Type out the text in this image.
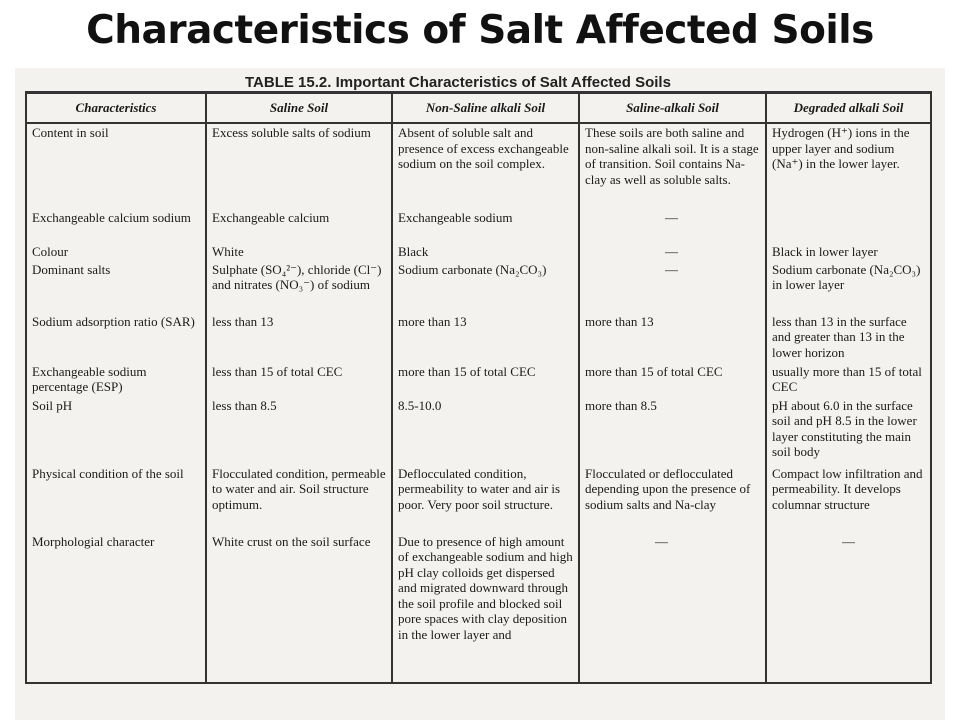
Characteristics of Salt Affected Soils
TABLE 15.2. Important Characteristics of Salt Affected Soils
Characteristics	Saline Soil	Non-Saline alkali Soil	Saline-alkali Soil	Degraded alkali Soil
Content in soil	Excess soluble salts of sodium	Absent of soluble salt and presence of excess exchangeable sodium on the soil complex.	These soils are both saline and non-saline alkali soil. It is a stage of transition. Soil contains Na-clay as well as soluble salts.	Hydrogen (H⁺) ions in the upper layer and sodium (Na⁺) in the lower layer.
Exchangeable calcium sodium	Exchangeable calcium	Exchangeable sodium	—	

Colour	White	Black	—	Black in lower layer
Dominant salts	Sulphate (SO₄²⁻), chloride (Cl⁻) and nitrates (NO₃⁻) of sodium	Sodium carbonate (Na₂CO₃)	—	Sodium carbonate (Na₂CO₃) in lower layer
Sodium adsorption ratio (SAR)	less than 13	more than 13	more than 13	less than 13 in the surface and greater than 13 in the lower horizon
Exchangeable sodium percentage (ESP)	less than 15 of total CEC	more than 15 of total CEC	more than 15 of total CEC	usually more than 15 of total CEC
Soil pH	less than 8.5	8.5-10.0	more than 8.5	pH about 6.0 in the surface soil and pH 8.5 in the lower layer constituting the main soil body
Physical condition of the soil	Flocculated condition, permeable to water and air. Soil structure optimum.	Deflocculated condition, permeability to water and air is poor. Very poor soil structure.	Flocculated or deflocculated depending upon the presence of sodium salts and Na-clay	Compact low infiltration and permeability. It develops columnar structure
Morphologial character	White crust on the soil surface	Due to presence of high amount of exchangeable sodium and high pH clay colloids get dispersed and migrated downward through the soil profile and blocked soil pore spaces with clay deposition in the lower layer and	—	—
